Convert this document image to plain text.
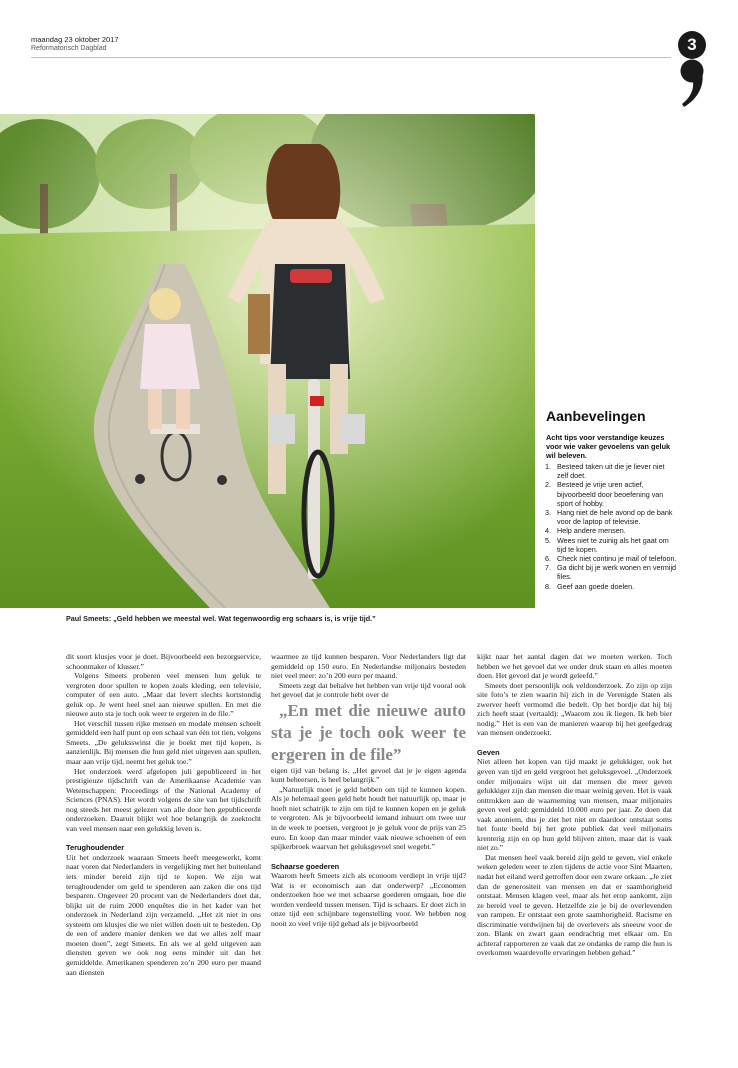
maandag 23 oktober 2017
Reformatorisch Dagblad	3
Paul Smeets: „Geld hebben we meestal wel. Wat tegenwoordig erg schaars is, is vrije tijd.”
Aanbevelingen
Acht tips voor verstandige keuzes voor wie vaker gevoelens van geluk wil beleven.
1. Besteed taken uit die je liever niet zelf doet.
2. Besteed je vrije uren actief, bijvoorbeeld door beoefening van sport of hobby.
3. Hang niet de hele avond op de bank voor de laptop of televisie.
4. Help andere mensen.
5. Wees niet te zuinig als het gaat om tijd te kopen.
6. Check niet continu je mail of telefoon.
7. Ga dicht bij je werk wonen en vermijd files.
8. Geef aan goede doelen.

dit soort klusjes voor je doet. Bijvoorbeeld een bezorgservice, schoonmaker of klusser.”

Volgens Smeets proberen veel mensen hun geluk te vergroten door spullen te kopen zoals kleding, een televisie, computer of een auto. „Maar dat levert slechts kortstondig geluk op. Je went heel snel aan nieuwe spullen. En met die nieuwe auto sta je toch ook weer te ergeren in de file.”

Het verschil tussen rijke mensen en modale mensen scheelt gemiddeld een half punt op een schaal van één tot tien, volgens Smeets. „De geluksswinst die je boekt met tijd kopen, is aanzienlijk. Bij mensen die hun geld niet uitgeven aan spullen, maar aan vrije tijd, neemt het geluk toe.”

Het onderzoek werd afgelopen juli gepubliceerd in het prestigieuze tijdschrift van de Amerikaanse Academie van Wetenschappen: Proceedings of the National Academy of Sciences (PNAS). Het wordt volgens de site van het tijdschrift nog steeds het meest gelezen van alle door hen gepubliceerde onderzoeken. Daaruit blijkt wel hoe belangrijk de zoektocht van veel mensen naar een gelukkig leven is.

Terughoudender

Uit het onderzoek waaraan Smeets heeft meegewerkt, komt naar voren dat Nederlanders in vergelijking met het buitenland iets minder bereid zijn tijd te kopen. We zijn wat terughoudender om geld te spenderen aan zaken die ons tijd besparen. Ongeveer 20 procent van de Nederlanders doet dat, blijkt uit de ruim 2000 enquêtes die in het kader van het onderzoek in Nederland zijn verzameld. „Het zit niet in ons systeem om klusjes die we niet willen doen uit te besteden. Op de een of andere manier denken we dat we alles zelf maar moeten doen”, zegt Smeets. En als we al geld uitgeven aan diensten geven we ook nog eens minder uit dan het gemiddelde. Amerikanen spenderen zo’n 200 euro per maand aan diensten

waarmee ze tijd kunnen besparen. Voor Nederlanders ligt dat gemiddeld op 150 euro. En Nederlandse miljonairs besteden niet veel meer: zo’n 200 euro per maand.

Smeets zegt dat behalve het hebben van vrije tijd vooral ook het gevoel dat je controle hebt over de

„En met die nieuwe auto sta je je toch ook weer te ergeren in de file”

eigen tijd van belang is. „Het gevoel dat je je eigen agenda kunt beheersen, is heel belangrijk.”

„Natuurlijk moet je geld hebben om tijd te kunnen kopen. Als je helemaal geen geld hebt houdt het natuurlijk op, maar je hoeft niet schatrijk te zijn om tijd te kunnen kopen en je geluk te vergroten. Als je bijvoorbeeld iemand inhuurt om twee uur in de week te poetsen, vergroot je je geluk voor de prijs van 25 euro. En koop dan maar minder vaak nieuwe schoenen of een spijkerbroek waarvan het geluksgevoel snel wegebt.”

Schaarse goederen

Waarom heeft Smeets zich als econoom verdiept in vrije tijd? Wat is er economisch aan dat onderwerp? „Economen onderzoeken hoe we met schaarse goederen omgaan, hoe die worden verdeeld tussen mensen. Tijd is schaars. Er doet zich in onze tijd een schijnbare tegenstelling voor. We hebben nog nooit zo veel vrije tijd gehad als je bijvoorbeeld

kijkt naar het aantal dagen dat we moeten werken. Toch hebben we het gevoel dat we onder druk staan en alles moeten doen. Het gevoel dat je wordt geleefd.”

Smeets doet persoonlijk ook veldonderzoek. Zo zijn op zijn site foto’s te zien waarin hij zich in de Verenigde Staten als zwerver heeft vermomd die bedelt. Op het bordje dat hij bij zich heeft staat (vertaald): „Waarom zou ik liegen. Ik heb bier nodig.” Het is een van de manieren waarop hij het geefgedrag van mensen onderzoekt.

Geven

Niet alleen het kopen van tijd maakt je gelukkiger, ook het geven van tijd en geld vergroot het geluksgevoel. „Onderzoek onder miljonairs wijst uit dat mensen die meer geven gelukkiger zijn dan mensen die maar weinig geven. Het is vaak onttrokken aan de waarneming van mensen, maar miljonairs geven veel geld: gemiddeld 10.000 euro per jaar. Ze doen dat vaak anoniem, dus je ziet het niet en daardoor ontstaat soms het foute beeld bij het grote publiek dat veel miljonairs krenterig zijn en op hun geld blijven zitten, maar dat is vaak niet zo.”

Dat mensen heel vaak bereid zijn geld te geven, viel enkele weken geleden weer te zien tijdens de actie voor Sint Maarten, nadat het eiland werd getroffen door een zware orkaan. „Je ziet dan de generositeit van mensen en dat er saamhorigheid ontstaat. Mensen klagen veel, maar als het erop aankomt, zijn ze bereid veel te geven. Hetzelfde zie je bij de overlevenden van rampen. Er ontstaat een grote saamhorigheid. Racisme en discriminatie verdwijnen bij de overlevers als sneeuw voor de zon. Blank en zwart gaan eendrachtig met elkaar om. En achteraf rapporteren ze vaak dat ze ondanks de ramp die hun is overkomen waardevolle ervaringen hebben gehad.”
